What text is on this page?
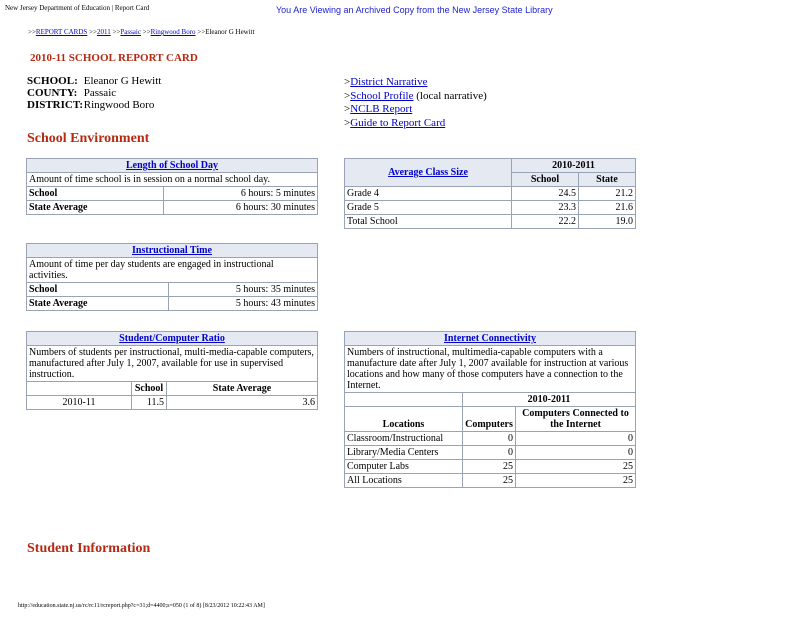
New Jersey Department of Education | Report Card	You Are Viewing an Archived Copy from the New Jersey State Library
>>REPORT CARDS >>2011 >>Passaic >>Ringwood Boro >>Eleanor G Hewitt
2010-11 SCHOOL REPORT CARD
SCHOOL: Eleanor G Hewitt
COUNTY: Passaic
DISTRICT: Ringwood Boro
>District Narrative
>School Profile (local narrative)
>NCLB Report
>Guide to Report Card
School Environment
Length of School Day	
Amount of time school is in session on a normal school day.	
School	6 hours: 5 minutes
State Average	6 hours: 30 minutes
Instructional Time	
Amount of time per day students are engaged in instructional activities.	
School	5 hours: 35 minutes
State Average	5 hours: 43 minutes
Student/Computer Ratio		
Numbers of students per instructional, multi-media-capable computers, manufactured after July 1, 2007, available for use in supervised instruction.		
	School	State Average
2010-11	11.5	3.6
Average Class Size	2010-2011	
	School	State
Grade 4	24.5	21.2
Grade 5	23.3	21.6
Total School	22.2	19.0
Internet Connectivity		
Numbers of instructional, multimedia-capable computers with a manufacture date after July 1, 2007 available for instruction at various locations and how many of those computers have a connection to the Internet.		
	2010-2011	
Locations	Computers	Computers Connected to the Internet
Classroom/Instructional	0	0
Library/Media Centers	0	0
Computer Labs	25	25
All Locations	25	25
Student Information
http://education.state.nj.us/rc/rc11/rcreport.php?c=31;d=4400;s=050 (1 of 8) [8/23/2012 10:22:43 AM]
